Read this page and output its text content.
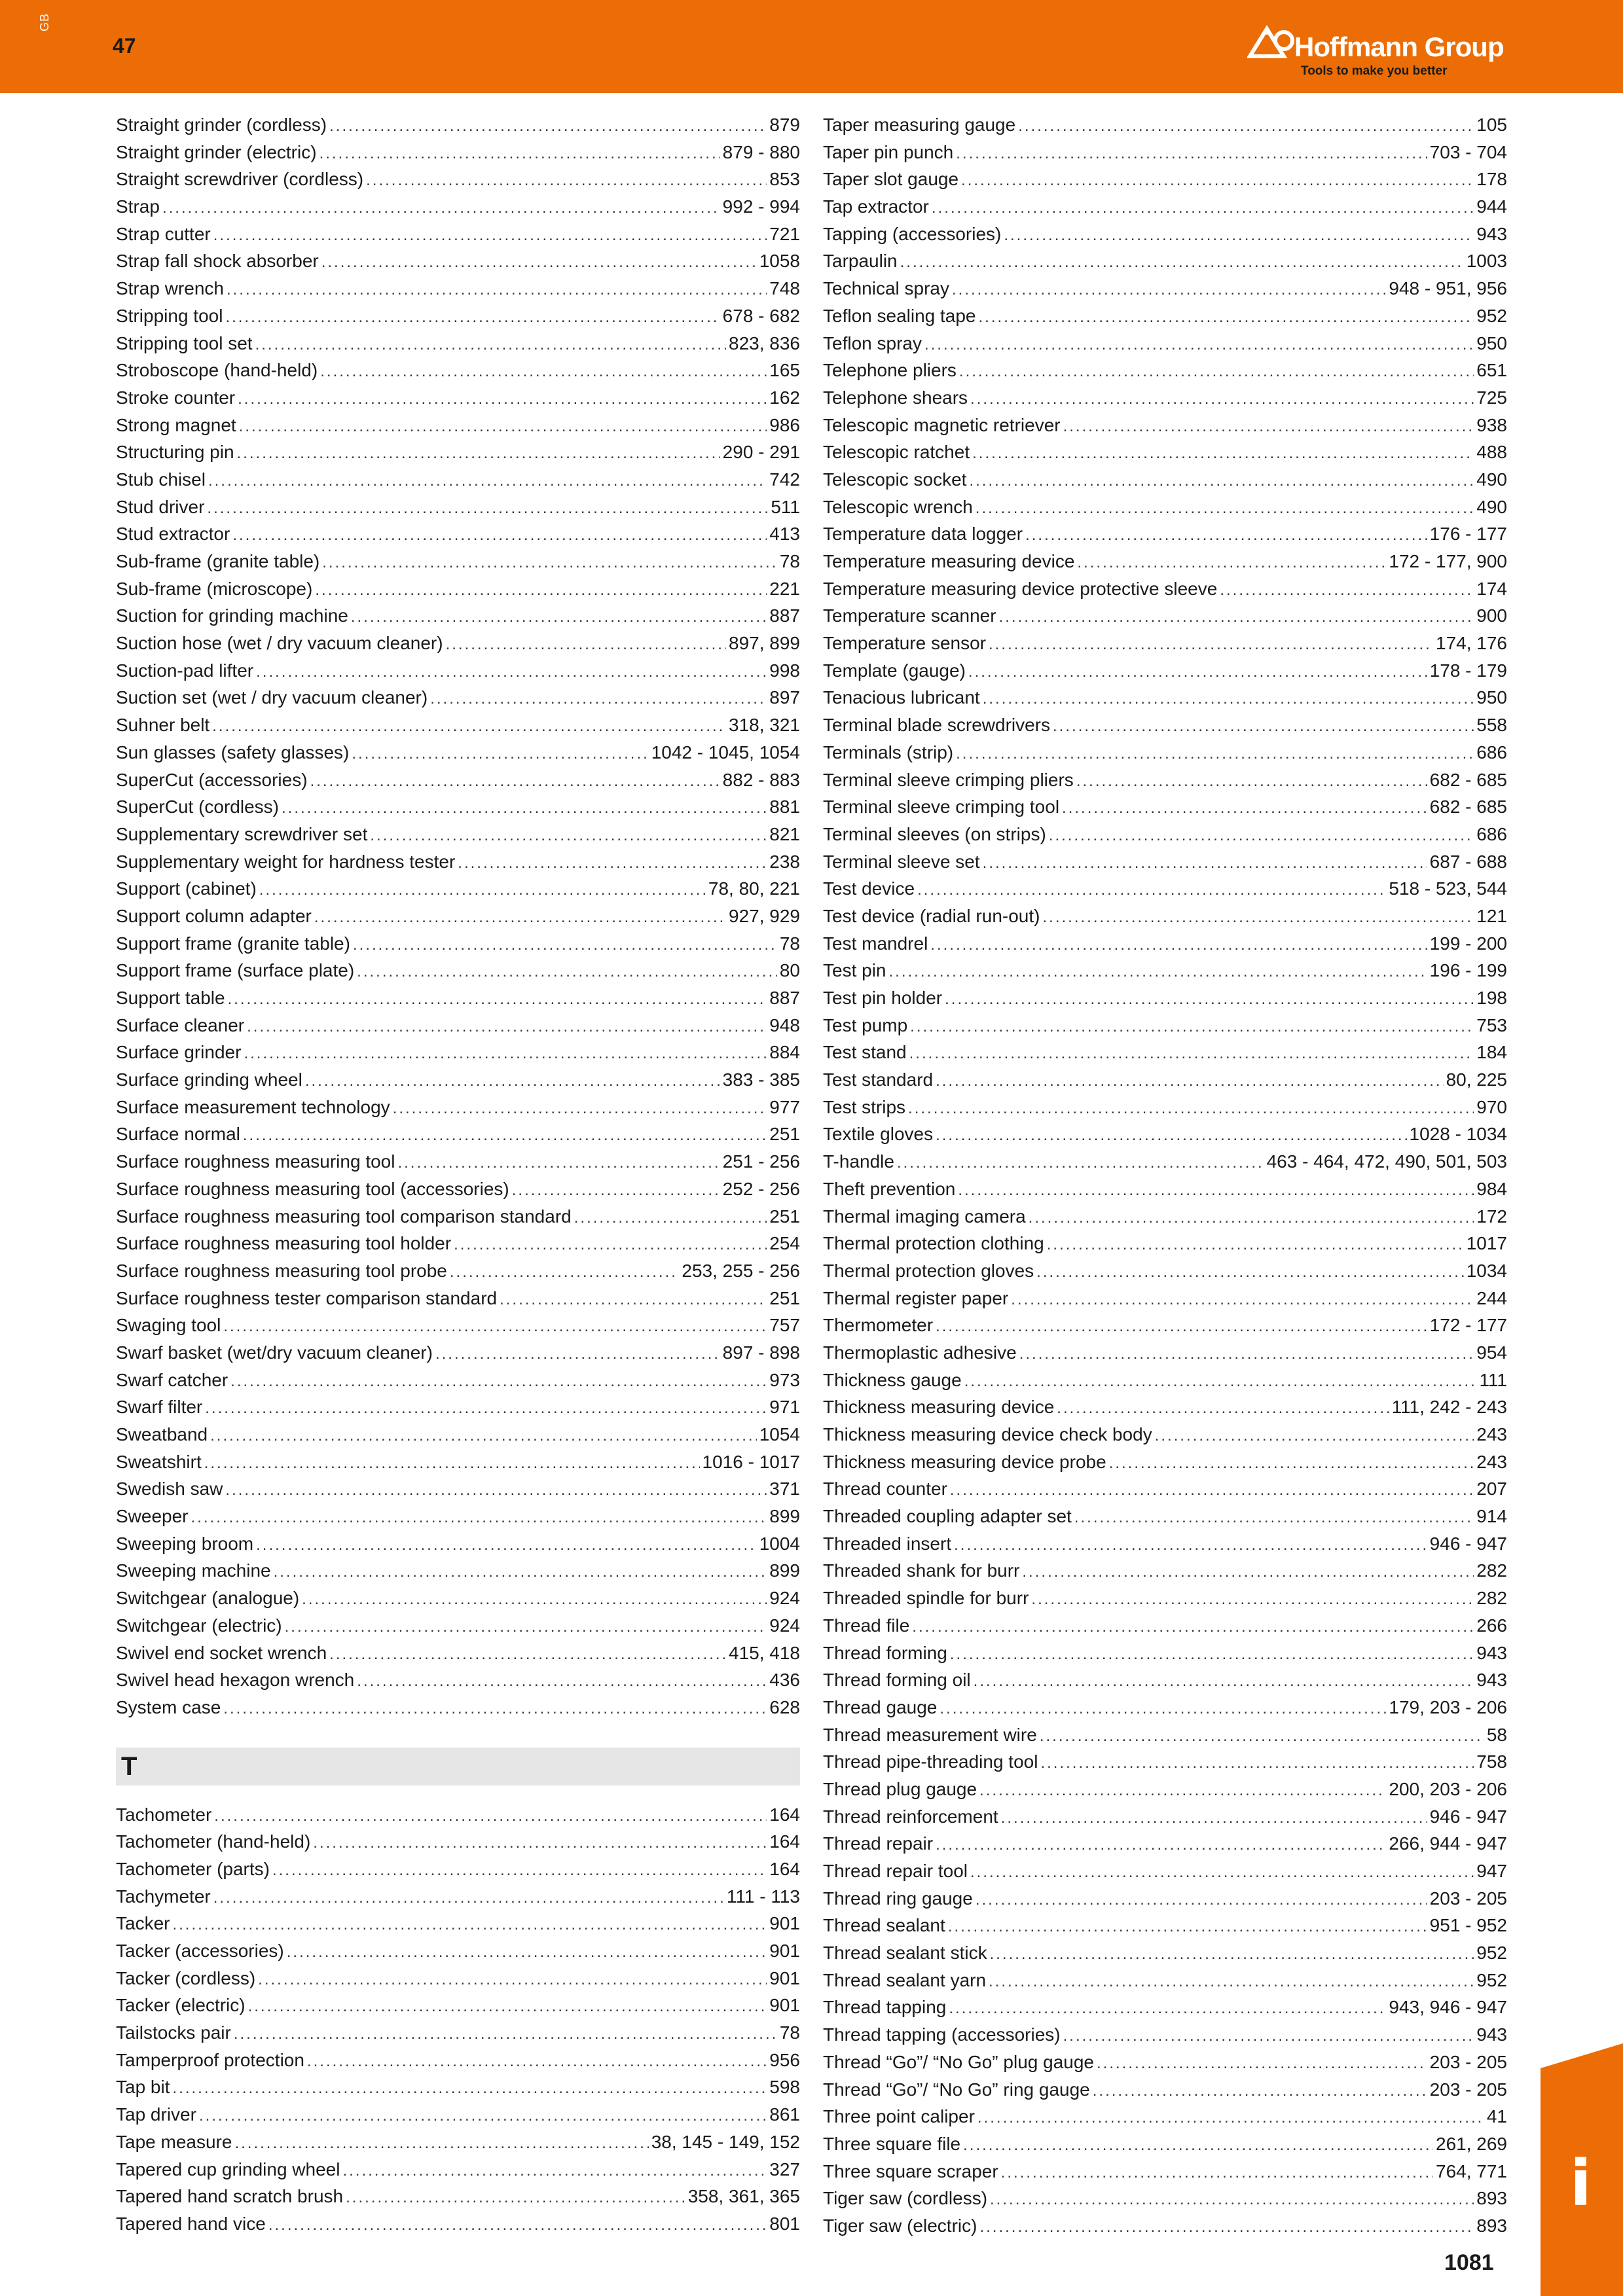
GB
47	Hoffmann Group
Tools to make you better
Straight grinder (cordless) .....	879
Straight grinder (electric) .....	879 - 880
Straight screwdriver (cordless) .....	853
Strap .....	992 - 994
Strap cutter .....	721
Strap fall shock absorber .....	1058
Strap wrench .....	748
Stripping tool .....	678 - 682
Stripping tool set .....	823, 836
Stroboscope (hand-held) .....	165
Stroke counter .....	162
Strong magnet .....	986
Structuring pin .....	290 - 291
Stub chisel .....	742
Stud driver .....	511
Stud extractor .....	413
Sub-frame (granite table) .....	78
Sub-frame (microscope) .....	221
Suction for grinding machine .....	887
Suction hose (wet / dry vacuum cleaner) .....	897, 899
Suction-pad lifter .....	998
Suction set (wet / dry vacuum cleaner) .....	897
Suhner belt .....	318, 321
Sun glasses (safety glasses) .....	1042 - 1045, 1054
SuperCut (accessories) .....	882 - 883
SuperCut (cordless) .....	881
Supplementary screwdriver set .....	821
Supplementary weight for hardness tester .....	238
Support (cabinet) .....	78, 80, 221
Support column adapter .....	927, 929
Support frame (granite table) .....	78
Support frame (surface plate) .....	80
Support table .....	887
Surface cleaner .....	948
Surface grinder .....	884
Surface grinding wheel .....	383 - 385
Surface measurement technology .....	977
Surface normal .....	251
Surface roughness measuring tool .....	251 - 256
Surface roughness measuring tool (accessories) .....	252 - 256
Surface roughness measuring tool comparison standard .....	251
Surface roughness measuring tool holder .....	254
Surface roughness measuring tool probe .....	253, 255 - 256
Surface roughness tester comparison standard .....	251
Swaging tool .....	757
Swarf basket (wet/dry vacuum cleaner) .....	897 - 898
Swarf catcher .....	973
Swarf filter .....	971
Sweatband .....	1054
Sweatshirt .....	1016 - 1017
Swedish saw .....	371
Sweeper .....	899
Sweeping broom .....	1004
Sweeping machine .....	899
Switchgear (analogue) .....	924
Switchgear (electric) .....	924
Swivel end socket wrench .....	415, 418
Swivel head hexagon wrench .....	436
System case .....	628
T
Tachometer .....	164
Tachometer (hand-held) .....	164
Tachometer (parts) .....	164
Tachymeter .....	111 - 113
Tacker .....	901
Tacker (accessories) .....	901
Tacker (cordless) .....	901
Tacker (electric) .....	901
Tailstocks pair .....	78
Tamperproof protection .....	956
Tap bit .....	598
Tap driver .....	861
Tape measure .....	38, 145 - 149, 152
Tapered cup grinding wheel .....	327
Tapered hand scratch brush .....	358, 361, 365
Tapered hand vice .....	801
Taper measuring gauge .....	105
Taper pin punch .....	703 - 704
Taper slot gauge .....	178
Tap extractor .....	944
Tapping (accessories) .....	943
Tarpaulin .....	1003
Technical spray .....	948 - 951, 956
Teflon sealing tape .....	952
Teflon spray .....	950
Telephone pliers .....	651
Telephone shears .....	725
Telescopic magnetic retriever .....	938
Telescopic ratchet .....	488
Telescopic socket .....	490
Telescopic wrench .....	490
Temperature data logger .....	176 - 177
Temperature measuring device .....	172 - 177, 900
Temperature measuring device protective sleeve .....	174
Temperature scanner .....	900
Temperature sensor .....	174, 176
Template (gauge) .....	178 - 179
Tenacious lubricant .....	950
Terminal blade screwdrivers .....	558
Terminals (strip) .....	686
Terminal sleeve crimping pliers .....	682 - 685
Terminal sleeve crimping tool .....	682 - 685
Terminal sleeves (on strips) .....	686
Terminal sleeve set .....	687 - 688
Test device .....	518 - 523, 544
Test device (radial run-out) .....	121
Test mandrel .....	199 - 200
Test pin .....	196 - 199
Test pin holder .....	198
Test pump .....	753
Test stand .....	184
Test standard .....	80, 225
Test strips .....	970
Textile gloves .....	1028 - 1034
T-handle .....	463 - 464, 472, 490, 501, 503
Theft prevention .....	984
Thermal imaging camera .....	172
Thermal protection clothing .....	1017
Thermal protection gloves .....	1034
Thermal register paper .....	244
Thermometer .....	172 - 177
Thermoplastic adhesive .....	954
Thickness gauge .....	111
Thickness measuring device .....	111, 242 - 243
Thickness measuring device check body .....	243
Thickness measuring device probe .....	243
Thread counter .....	207
Threaded coupling adapter set .....	914
Threaded insert .....	946 - 947
Threaded shank for burr .....	282
Threaded spindle for burr .....	282
Thread file .....	266
Thread forming .....	943
Thread forming oil .....	943
Thread gauge .....	179, 203 - 206
Thread measurement wire .....	58
Thread pipe-threading tool .....	758
Thread plug gauge .....	200, 203 - 206
Thread reinforcement .....	946 - 947
Thread repair .....	266, 944 - 947
Thread repair tool .....	947
Thread ring gauge .....	203 - 205
Thread sealant .....	951 - 952
Thread sealant stick .....	952
Thread sealant yarn .....	952
Thread tapping .....	943, 946 - 947
Thread tapping (accessories) .....	943
Thread “Go”/ “No Go” plug gauge .....	203 - 205
Thread “Go”/ “No Go” ring gauge .....	203 - 205
Three point caliper .....	41
Three square file .....	261, 269
Three square scraper .....	764, 771
Tiger saw (cordless) .....	893
Tiger saw (electric) .....	893
i
1081
